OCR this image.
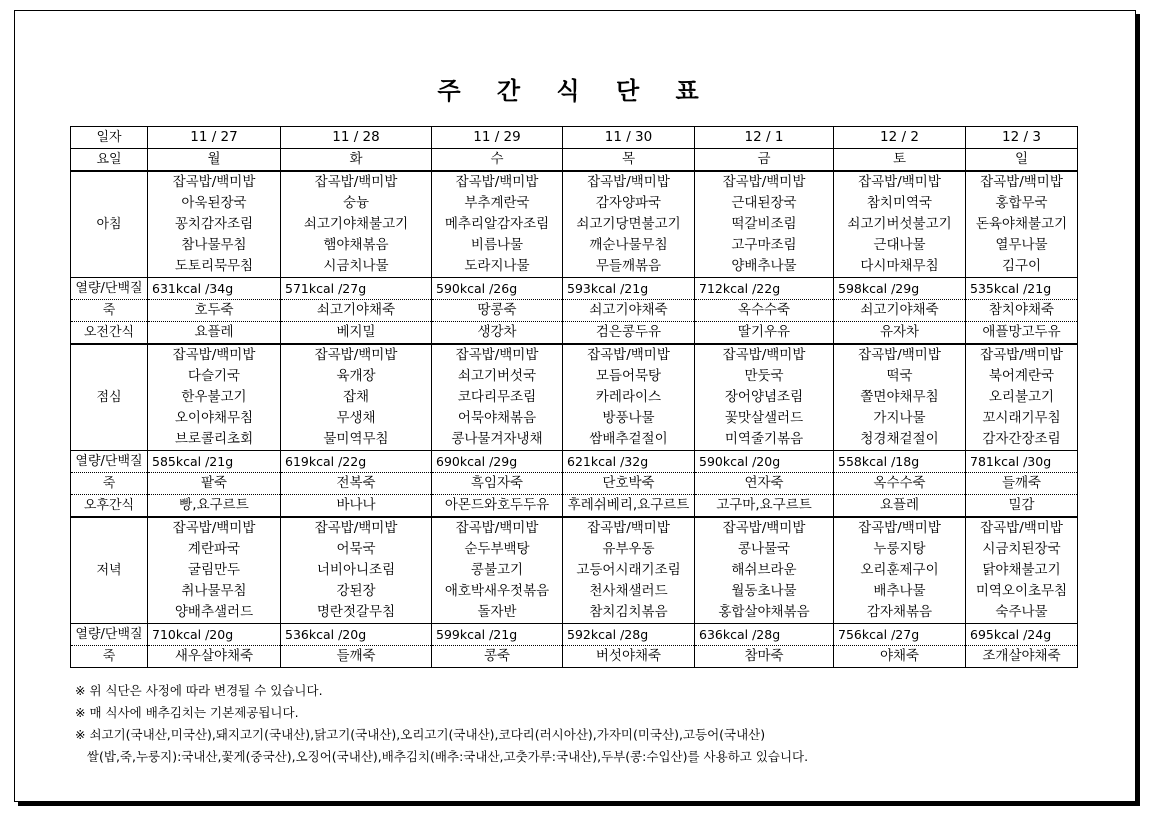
주 간 식 단 표
일자	11 / 27	11 / 28	11 / 29	11 / 30	12 / 1	12 / 2	12 / 3
요일	월	화	수	목	금	토	일
아침	잡곡밥/백미밥	잡곡밥/백미밥	잡곡밥/백미밥	잡곡밥/백미밥	잡곡밥/백미밥	잡곡밥/백미밥	잡곡밥/백미밥
	아욱된장국	숭늉	부추계란국	감자양파국	근대된장국	참치미역국	홍합무국
	꽁치감자조림	쇠고기야채불고기	메추리알감자조림	쇠고기당면불고기	떡갈비조림	쇠고기버섯불고기	돈육야채불고기
	참나물무침	햄야채볶음	비름나물	깨순나물무침	고구마조림	근대나물	열무나물
	도토리묵무침	시금치나물	도라지나물	무들깨볶음	양배추나물	다시마채무침	김구이
열량/단백질	631kcal /34g	571kcal /27g	590kcal /26g	593kcal /21g	712kcal /22g	598kcal /29g	535kcal /21g
죽	호두죽	쇠고기야채죽	땅콩죽	쇠고기야채죽	옥수수죽	쇠고기야채죽	참치야채죽
오전간식	요플레	베지밀	생강차	검은콩두유	딸기우유	유자차	애플망고두유
점심	잡곡밥/백미밥	잡곡밥/백미밥	잡곡밥/백미밥	잡곡밥/백미밥	잡곡밥/백미밥	잡곡밥/백미밥	잡곡밥/백미밥
	다슬기국	육개장	쇠고기버섯국	모듬어묵탕	만둣국	떡국	북어계란국
	한우불고기	잡채	코다리무조림	카레라이스	장어양념조림	쫄면야채무침	오리불고기
	오이야채무침	무생채	어묵야채볶음	방풍나물	꽃맛살샐러드	가지나물	꼬시래기무침
	브로콜리초회	물미역무침	콩나물겨자냉채	쌈배추겉절이	미역줄기볶음	청경채겉절이	감자간장조림
열량/단백질	585kcal /21g	619kcal /22g	690kcal /29g	621kcal /32g	590kcal /20g	558kcal /18g	781kcal /30g
죽	팥죽	전복죽	흑임자죽	단호박죽	연자죽	옥수수죽	들깨죽
오후간식	빵,요구르트	바나나	아몬드와호두두유	후레쉬베리,요구르트	고구마,요구르트	요플레	밀감
저녁	잡곡밥/백미밥	잡곡밥/백미밥	잡곡밥/백미밥	잡곡밥/백미밥	잡곡밥/백미밥	잡곡밥/백미밥	잡곡밥/백미밥
	계란파국	어묵국	순두부백탕	유부우동	콩나물국	누룽지탕	시금치된장국
	굴림만두	너비아니조림	콩불고기	고등어시래기조림	해쉬브라운	오리훈제구이	닭야채불고기
	취나물무침	강된장	애호박새우젓볶음	천사채샐러드	월동초나물	배추나물	미역오이초무침
	양배추샐러드	명란젓갈무침	돌자반	참치김치볶음	홍합살야채볶음	감자채볶음	숙주나물
열량/단백질	710kcal /20g	536kcal /20g	599kcal /21g	592kcal /28g	636kcal /28g	756kcal /27g	695kcal /24g
죽	새우살야채죽	들깨죽	콩죽	버섯야채죽	참마죽	야채죽	조개살야채죽
※ 위 식단은 사정에 따라 변경될 수 있습니다.
※ 매 식사에 배추김치는 기본제공됩니다.
※ 쇠고기(국내산,미국산),돼지고기(국내산),닭고기(국내산),오리고기(국내산),코다리(러시아산),가자미(미국산),고등어(국내산)
쌀(밥,죽,누룽지):국내산,꽃게(중국산),오징어(국내산),배추김치(배추:국내산,고춧가루:국내산),두부(콩:수입산)를 사용하고 있습니다.
